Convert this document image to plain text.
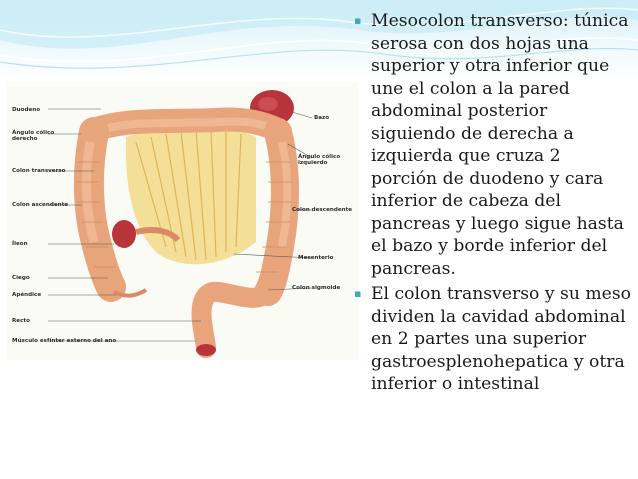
Duodeno
Ángulo cólico
derecho
Colon transverso
Colon ascendente
Íleon
Ciego
Apéndice
Recto
Músculo esfínter externo del ano
Bazo
Ángulo cólico
izquierdo
Colon descendente
Mesenterio
Colon sigmoide
▪ Mesocolon transverso: túnica serosa con dos hojas una superior y otra inferior que une el colon a la pared abdominal posterior siguiendo de derecha a izquierda que cruza 2 porción de duodeno y cara inferior de cabeza del pancreas y luego sigue hasta el bazo y borde inferior del pancreas.
▪ El colon transverso y su meso dividen la cavidad abdominal en 2 partes una superior gastroesplenohepatica y otra inferior o intestinal
